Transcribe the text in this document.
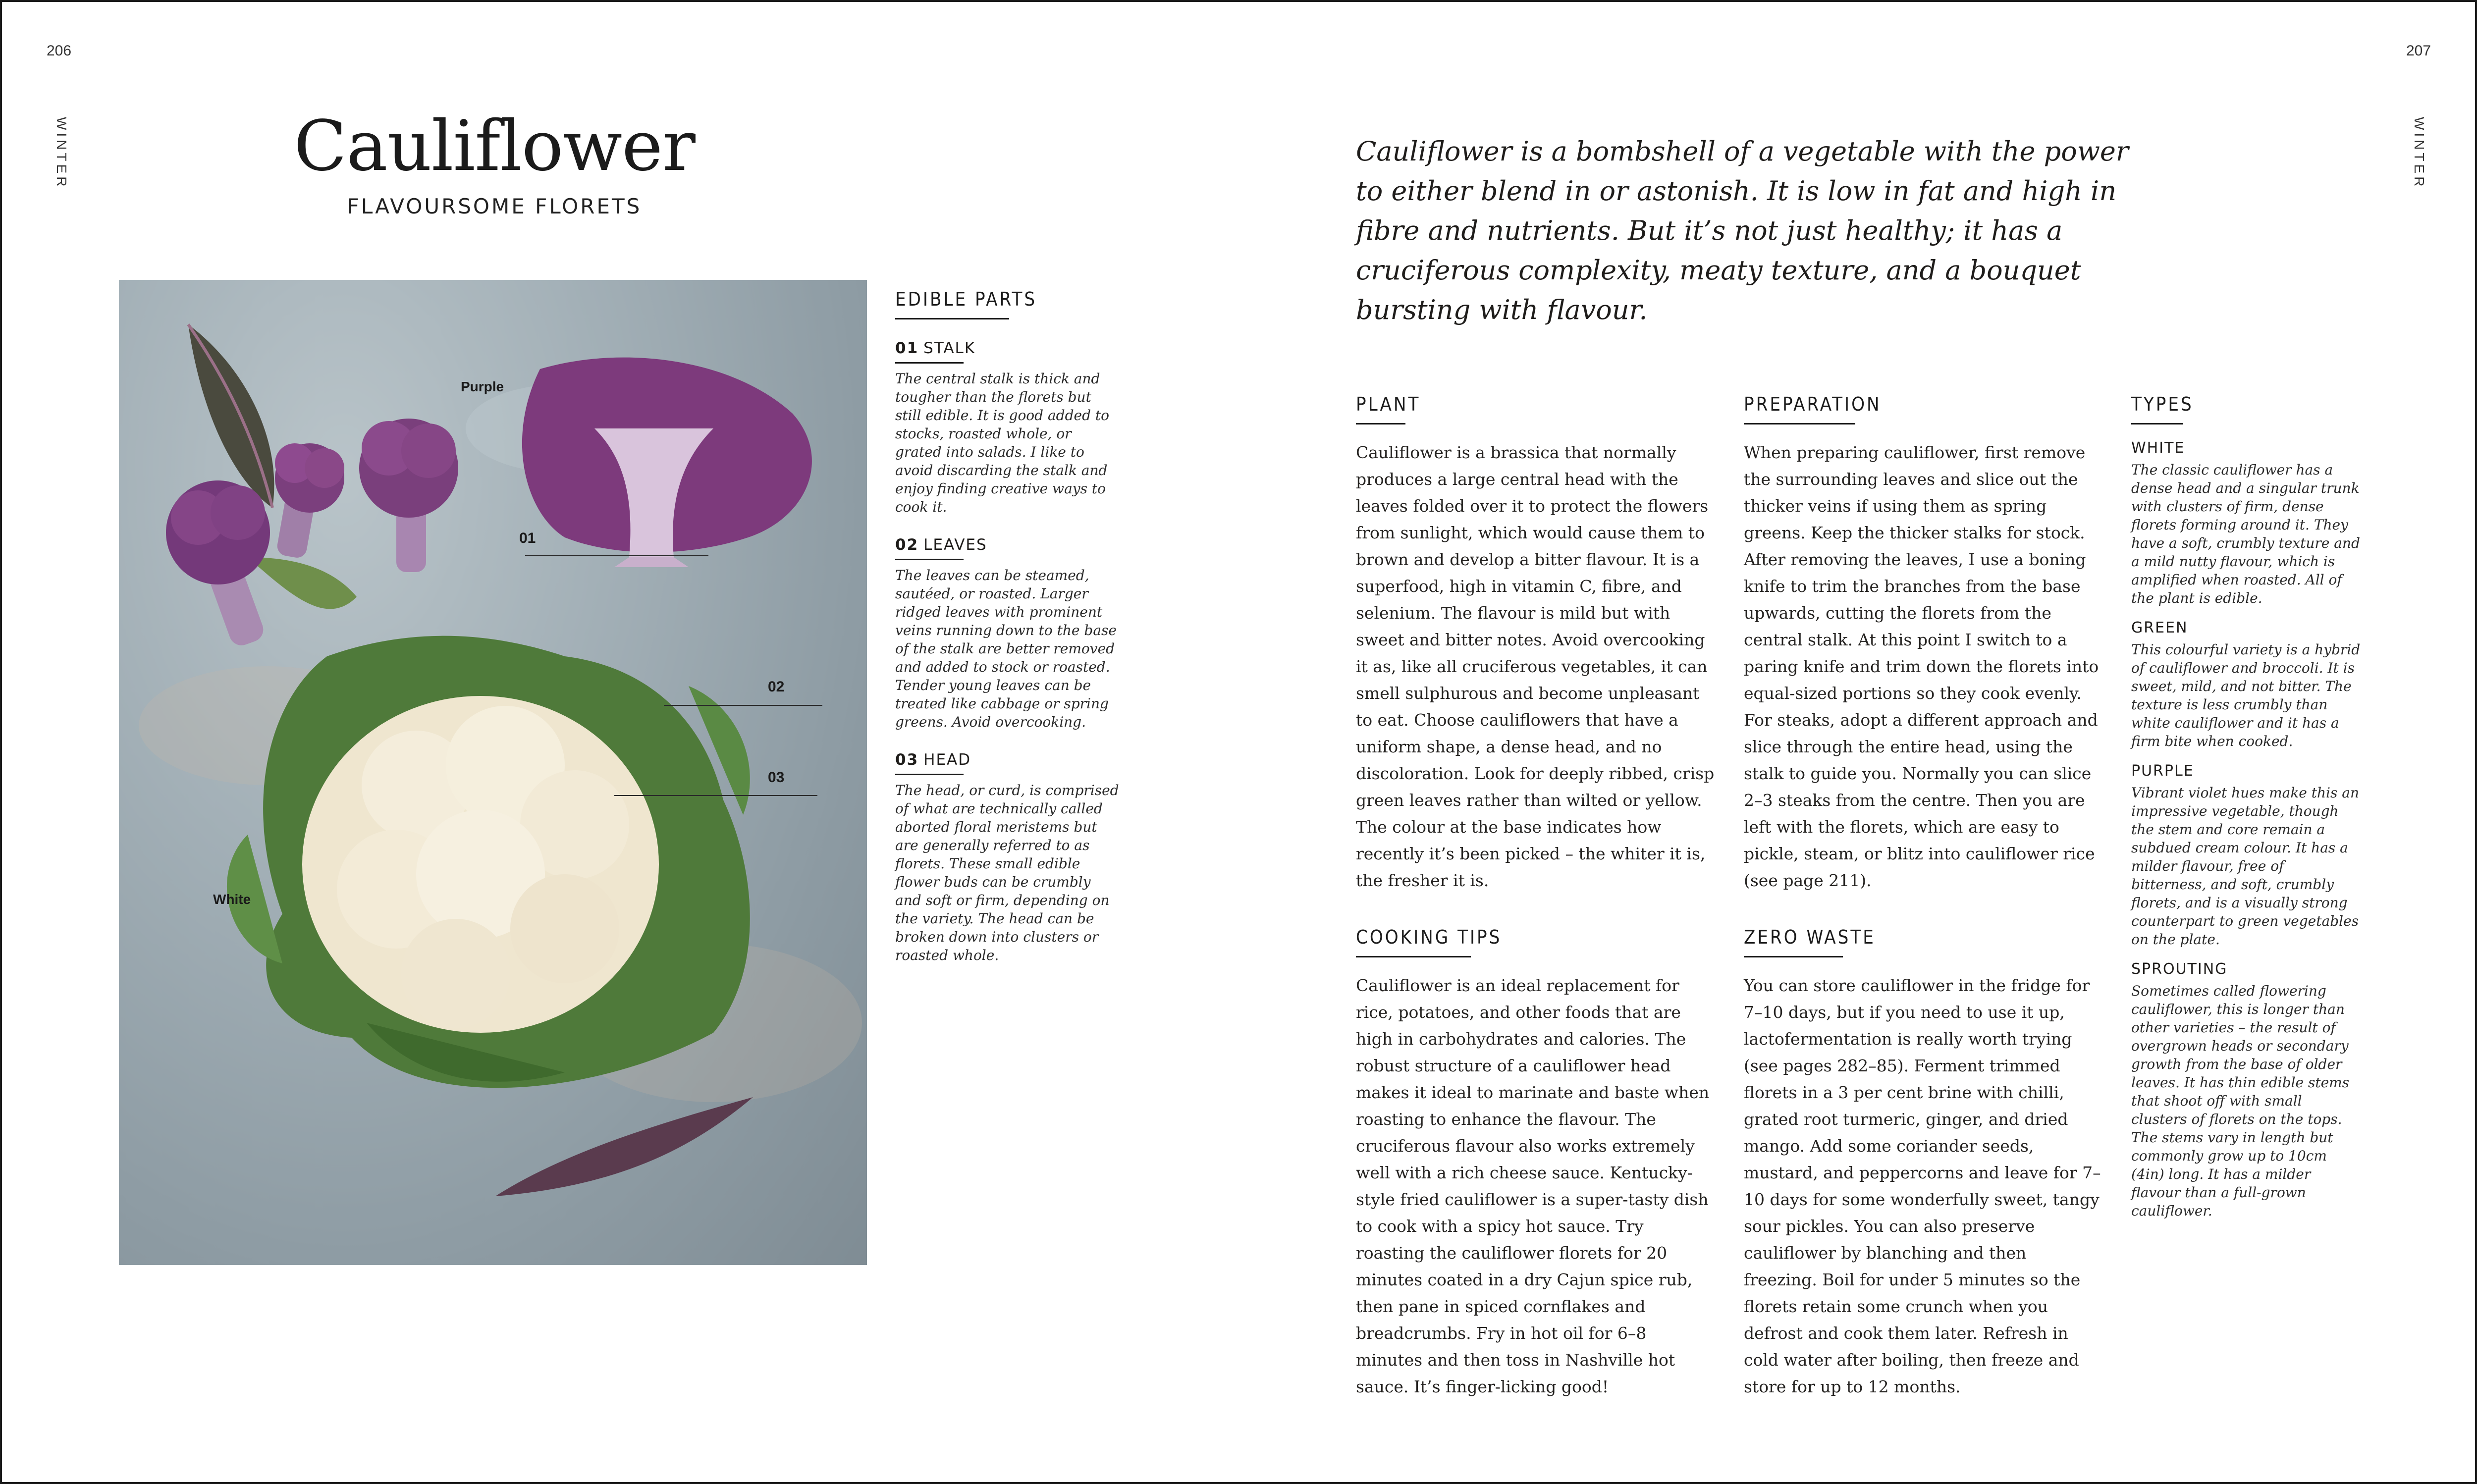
206	207
WINTER	WINTER
Cauliflower
FLAVOURSOME FLORETS
Purple
White
01
02
03
EDIBLE PARTS
01 STALK
The central stalk is thick and tougher than the florets but still edible. It is good added to stocks, roasted whole, or grated into salads. I like to avoid discarding the stalk and enjoy finding creative ways to cook it.
02 LEAVES
The leaves can be steamed, sautéed, or roasted. Larger ridged leaves with prominent veins running down to the base of the stalk are better removed and added to stock or roasted. Tender young leaves can be treated like cabbage or spring greens. Avoid overcooking.
03 HEAD
The head, or curd, is comprised of what are technically called aborted floral meristems but are generally referred to as florets. These small edible flower buds can be crumbly and soft or firm, depending on the variety. The head can be broken down into clusters or roasted whole.
Cauliflower is a bombshell of a vegetable with the power to either blend in or astonish. It is low in fat and high in fibre and nutrients. But it’s not just healthy; it has a cruciferous complexity, meaty texture, and a bouquet bursting with flavour.
PLANT
Cauliflower is a brassica that normally produces a large central head with the leaves folded over it to protect the flowers from sunlight, which would cause them to brown and develop a bitter flavour. It is a superfood, high in vitamin C, fibre, and selenium. The flavour is mild but with sweet and bitter notes. Avoid overcooking it as, like all cruciferous vegetables, it can smell sulphurous and become unpleasant to eat. Choose cauliflowers that have a uniform shape, a dense head, and no discoloration. Look for deeply ribbed, crisp green leaves rather than wilted or yellow. The colour at the base indicates how recently it’s been picked – the whiter it is, the fresher it is.
PREPARATION
When preparing cauliflower, first remove the surrounding leaves and slice out the thicker veins if using them as spring greens. Keep the thicker stalks for stock. After removing the leaves, I use a boning knife to trim the branches from the base upwards, cutting the florets from the central stalk. At this point I switch to a paring knife and trim down the florets into equal-sized portions so they cook evenly. For steaks, adopt a different approach and slice through the entire head, using the stalk to guide you. Normally you can slice 2–3 steaks from the centre. Then you are left with the florets, which are easy to pickle, steam, or blitz into cauliflower rice (see page 211).
TYPES
WHITE
The classic cauliflower has a dense head and a singular trunk with clusters of firm, dense florets forming around it. They have a soft, crumbly texture and a mild nutty flavour, which is amplified when roasted. All of the plant is edible.
GREEN
This colourful variety is a hybrid of cauliflower and broccoli. It is sweet, mild, and not bitter. The texture is less crumbly than white cauliflower and it has a firm bite when cooked.
PURPLE
Vibrant violet hues make this an impressive vegetable, though the stem and core remain a subdued cream colour. It has a milder flavour, free of bitterness, and soft, crumbly florets, and is a visually strong counterpart to green vegetables on the plate.
SPROUTING
Sometimes called flowering cauliflower, this is longer than other varieties – the result of overgrown heads or secondary growth from the base of older leaves. It has thin edible stems that shoot off with small clusters of florets on the tops. The stems vary in length but commonly grow up to 10cm (4in) long. It has a milder flavour than a full-grown cauliflower.
COOKING TIPS
Cauliflower is an ideal replacement for rice, potatoes, and other foods that are high in carbohydrates and calories. The robust structure of a cauliflower head makes it ideal to marinate and baste when roasting to enhance the flavour. The cruciferous flavour also works extremely well with a rich cheese sauce. Kentucky-style fried cauliflower is a super-tasty dish to cook with a spicy hot sauce. Try roasting the cauliflower florets for 20 minutes coated in a dry Cajun spice rub, then pane in spiced cornflakes and breadcrumbs. Fry in hot oil for 6–8 minutes and then toss in Nashville hot sauce. It’s finger-licking good!
ZERO WASTE
You can store cauliflower in the fridge for 7–10 days, but if you need to use it up, lactofermentation is really worth trying (see pages 282–85). Ferment trimmed florets in a 3 per cent brine with chilli, grated root turmeric, ginger, and dried mango. Add some coriander seeds, mustard, and peppercorns and leave for 7–10 days for some wonderfully sweet, tangy sour pickles. You can also preserve cauliflower by blanching and then freezing. Boil for under 5 minutes so the florets retain some crunch when you defrost and cook them later. Refresh in cold water after boiling, then freeze and store for up to 12 months.
